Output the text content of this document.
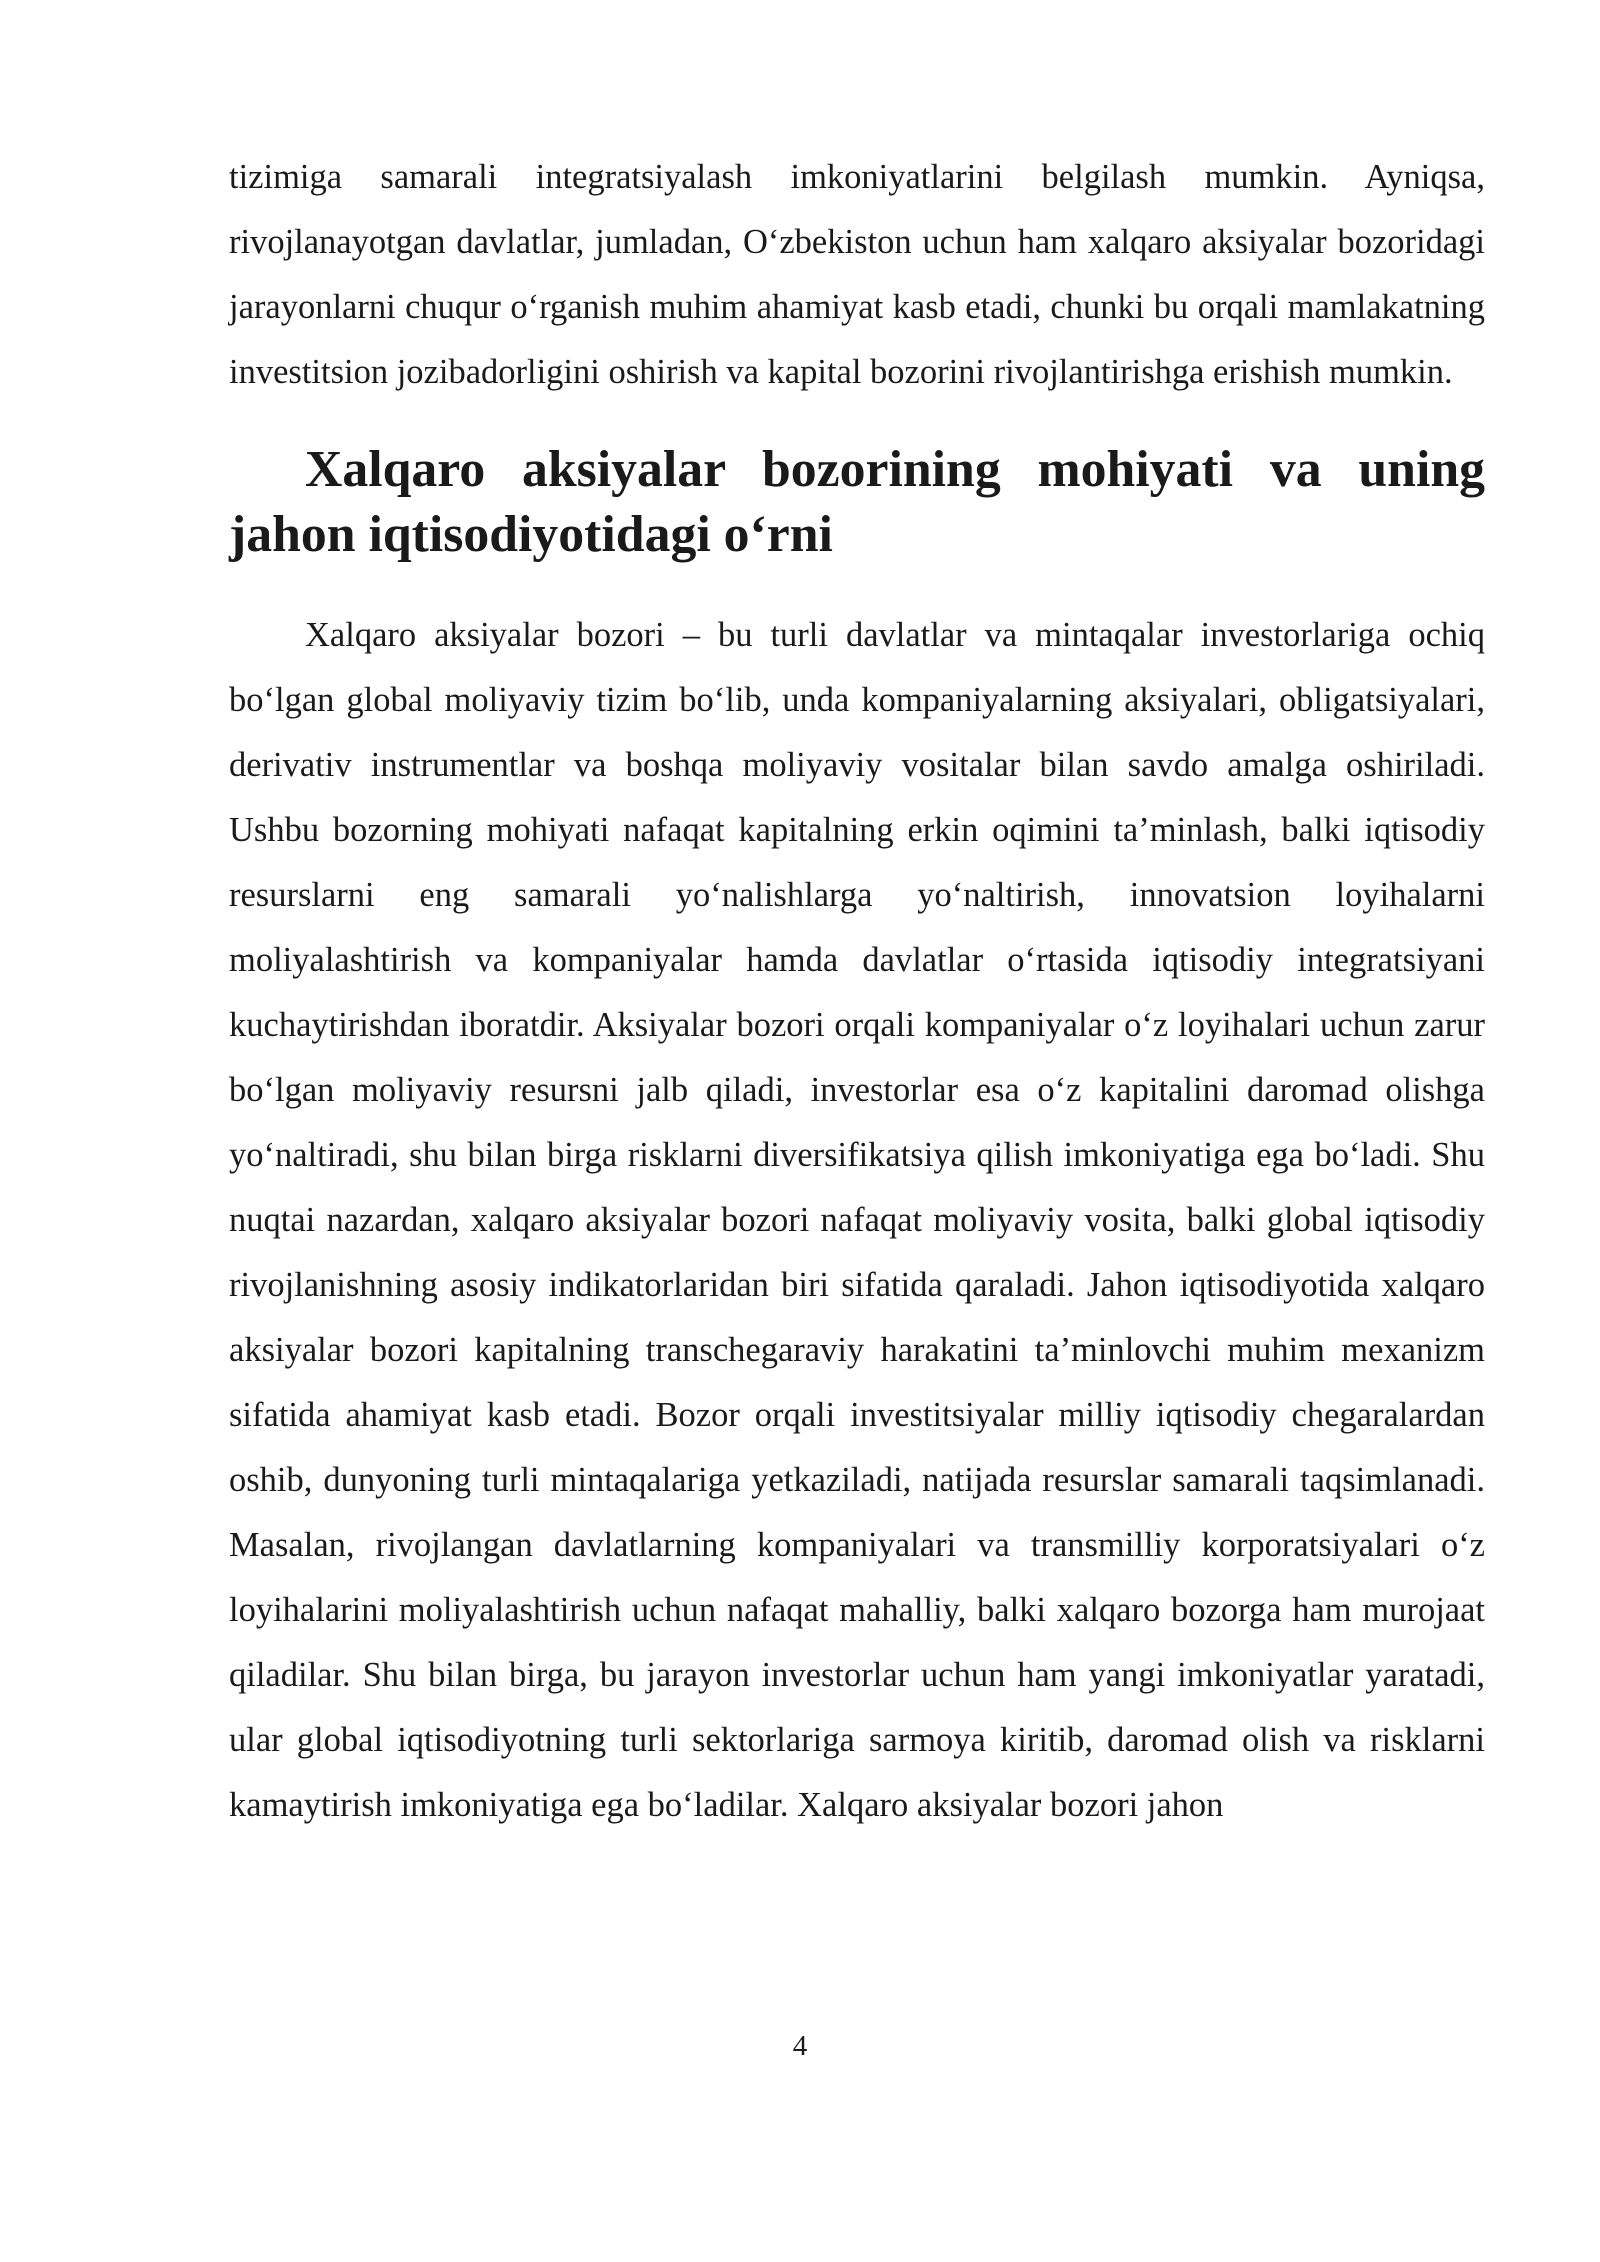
tizimiga samarali integratsiyalash imkoniyatlarini belgilash mumkin. Ayniqsa, rivojlanayotgan davlatlar, jumladan, O‘zbekiston uchun ham xalqaro aksiyalar bozoridagi jarayonlarni chuqur o‘rganish muhim ahamiyat kasb etadi, chunki bu orqali mamlakatning investitsion jozibadorligini oshirish va kapital bozorini rivojlantirishga erishish mumkin.

Xalqaro aksiyalar bozorining mohiyati va uning jahon iqtisodiyotidagi o‘rni

Xalqaro aksiyalar bozori – bu turli davlatlar va mintaqalar investorlariga ochiq bo‘lgan global moliyaviy tizim bo‘lib, unda kompaniyalarning aksiyalari, obligatsiyalari, derivativ instrumentlar va boshqa moliyaviy vositalar bilan savdo amalga oshiriladi. Ushbu bozorning mohiyati nafaqat kapitalning erkin oqimini ta’minlash, balki iqtisodiy resurslarni eng samarali yo‘nalishlarga yo‘naltirish, innovatsion loyihalarni moliyalashtirish va kompaniyalar hamda davlatlar o‘rtasida iqtisodiy integratsiyani kuchaytirishdan iboratdir. Aksiyalar bozori orqali kompaniyalar o‘z loyihalari uchun zarur bo‘lgan moliyaviy resursni jalb qiladi, investorlar esa o‘z kapitalini daromad olishga yo‘naltiradi, shu bilan birga risklarni diversifikatsiya qilish imkoniyatiga ega bo‘ladi. Shu nuqtai nazardan, xalqaro aksiyalar bozori nafaqat moliyaviy vosita, balki global iqtisodiy rivojlanishning asosiy indikatorlaridan biri sifatida qaraladi. Jahon iqtisodiyotida xalqaro aksiyalar bozori kapitalning transchegaraviy harakatini ta’minlovchi muhim mexanizm sifatida ahamiyat kasb etadi. Bozor orqali investitsiyalar milliy iqtisodiy chegaralardan oshib, dunyoning turli mintaqalariga yetkaziladi, natijada resurslar samarali taqsimlanadi. Masalan, rivojlangan davlatlarning kompaniyalari va transmilliy korporatsiyalari o‘z loyihalarini moliyalashtirish uchun nafaqat mahalliy, balki xalqaro bozorga ham murojaat qiladilar. Shu bilan birga, bu jarayon investorlar uchun ham yangi imkoniyatlar yaratadi, ular global iqtisodiyotning turli sektorlariga sarmoya kiritib, daromad olish va risklarni kamaytirish imkoniyatiga ega bo‘ladilar. Xalqaro aksiyalar bozori jahon

4
